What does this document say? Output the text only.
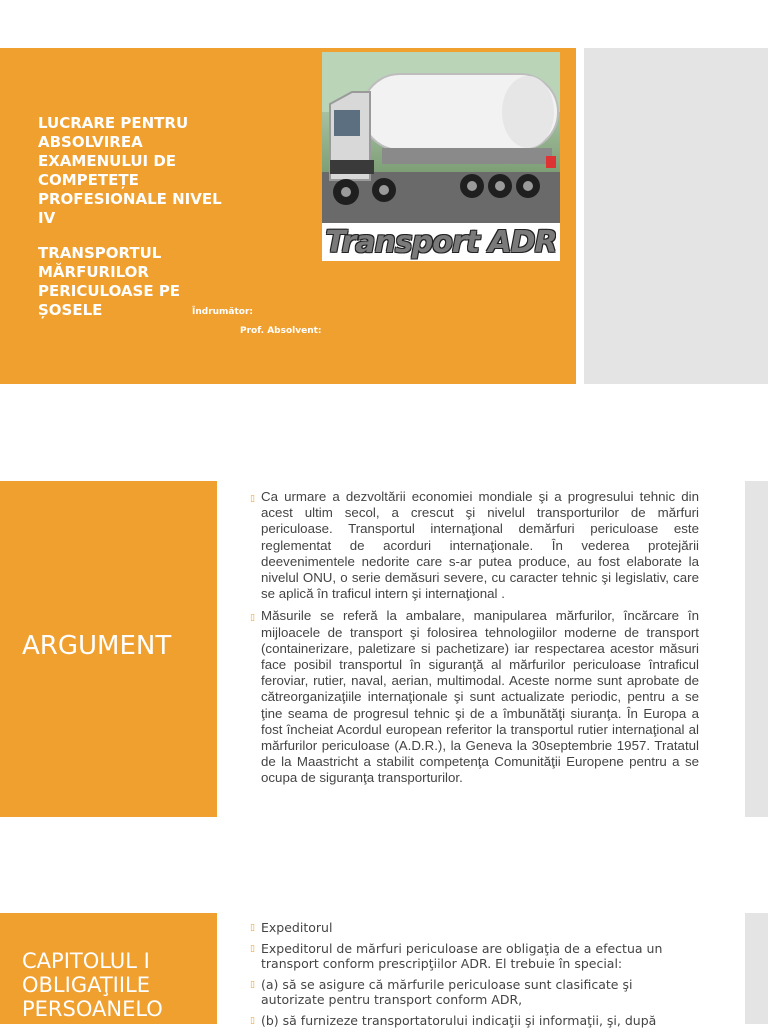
LUCRARE PENTRU
ABSOLVIREA
EXAMENULUI DE
COMPETEȚE
PROFESIONALE NIVEL
IV
TRANSPORTUL
MĂRFURILOR
PERICULOASE PE
ȘOSELE	Îndrumător:
Prof. Absolvent:
Transport ADR
ARGUMENT
▯ Ca urmare a dezvoltării economiei mondiale şi a progresului tehnic din acest ultim secol, a crescut şi nivelul transporturilor de mărfuri periculoase. Transportul internaţional demărfuri periculoase este reglementat de acorduri internaţionale. În vederea protejării deevenimentele nedorite care s-ar putea produce, au fost elaborate la nivelul ONU, o serie demăsuri severe, cu caracter tehnic şi legislativ, care se aplică în traficul intern şi internaţional .
▯ Măsurile se referă la ambalare, manipularea mărfurilor, încărcare în mijloacele de transport şi folosirea tehnologiilor moderne de transport (containerizare, paletizare si pachetizare) iar respectarea acestor măsuri face posibil transportul în siguranţă al mărfurilor periculoase întraficul feroviar, rutier, naval, aerian, multimodal. Aceste norme sunt aprobate de cătreorganizaţiile internaţionale şi sunt actualizate periodic, pentru a se ţine seama de progresul tehnic şi de a îmbunătăţi siuranţa. În Europa a fost încheiat Acordul european referitor la transportul rutier internaţional al mărfurilor periculoase (A.D.R.), la Geneva la 30septembrie 1957. Tratatul de la Maastricht a stabilit competenţa Comunităţii Europene pentru a se ocupa de siguranţa transporturilor.
CAPITOLUL I
OBLIGAŢIILE
PERSOANELO
▯ Expeditorul
▯ Expeditorul de mărfuri periculoase are obligaţia de a efectua un transport conform prescripţiilor ADR. El trebuie în special:
▯ (a) să se asigure că mărfurile periculoase sunt clasificate şi autorizate pentru transport conform ADR,
▯ (b) să furnizeze transportatorului indicaţii şi informaţii, şi, după
